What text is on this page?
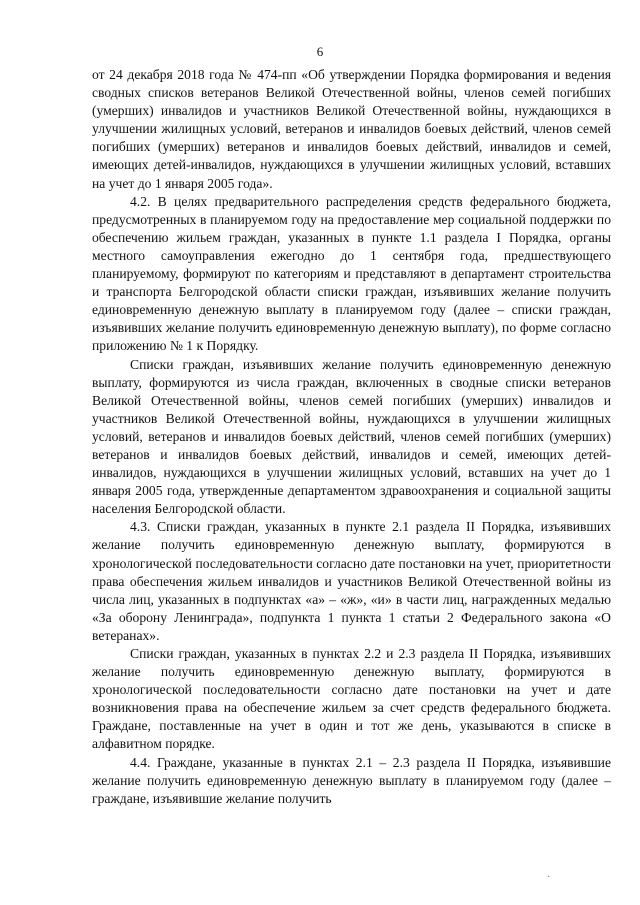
6

от 24 декабря 2018 года № 474-пп «Об утверждении Порядка формирования и ведения сводных списков ветеранов Великой Отечественной войны, членов семей погибших (умерших) инвалидов и участников Великой Отечественной войны, нуждающихся в улучшении жилищных условий, ветеранов и инвалидов боевых действий, членов семей погибших (умерших) ветеранов и инвалидов боевых действий, инвалидов и семей, имеющих детей-инвалидов, нуждающихся в улучшении жилищных условий, вставших на учет до 1 января 2005 года».

4.2. В целях предварительного распределения средств федерального бюджета, предусмотренных в планируемом году на предоставление мер социальной поддержки по обеспечению жильем граждан, указанных в пункте 1.1 раздела I Порядка, органы местного самоуправления ежегодно до 1 сентября года, предшествующего планируемому, формируют по категориям и представляют в департамент строительства и транспорта Белгородской области списки граждан, изъявивших желание получить единовременную денежную выплату в планируемом году (далее – списки граждан, изъявивших желание получить единовременную денежную выплату), по форме согласно приложению № 1 к Порядку.

Списки граждан, изъявивших желание получить единовременную денежную выплату, формируются из числа граждан, включенных в сводные списки ветеранов Великой Отечественной войны, членов семей погибших (умерших) инвалидов и участников Великой Отечественной войны, нуждающихся в улучшении жилищных условий, ветеранов и инвалидов боевых действий, членов семей погибших (умерших) ветеранов и инвалидов боевых действий, инвалидов и семей, имеющих детей-инвалидов, нуждающихся в улучшении жилищных условий, вставших на учет до 1 января 2005 года, утвержденные департаментом здравоохранения и социальной защиты населения Белгородской области.

4.3. Списки граждан, указанных в пункте 2.1 раздела II Порядка, изъявивших желание получить единовременную денежную выплату, формируются в хронологической последовательности согласно дате постановки на учет, приоритетности права обеспечения жильем инвалидов и участников Великой Отечественной войны из числа лиц, указанных в подпунктах «а» – «ж», «и» в части лиц, награжденных медалью «За оборону Ленинграда», подпункта 1 пункта 1 статьи 2 Федерального закона «О ветеранах».

Списки граждан, указанных в пунктах 2.2 и 2.3 раздела II Порядка, изъявивших желание получить единовременную денежную выплату, формируются в хронологической последовательности согласно дате постановки на учет и дате возникновения права на обеспечение жильем за счет средств федерального бюджета. Граждане, поставленные на учет в один и тот же день, указываются в списке в алфавитном порядке.

4.4. Граждане, указанные в пунктах 2.1 – 2.3 раздела II Порядка, изъявившие желание получить единовременную денежную выплату в планируемом году (далее – граждане, изъявившие желание получить

·
